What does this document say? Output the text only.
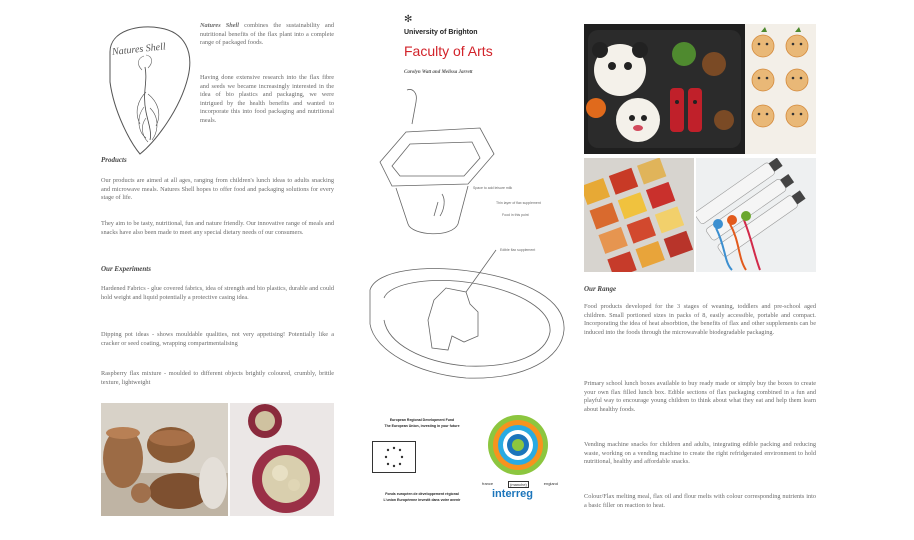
Natures Shell
Natures Shell combines the sustainability and nutritional benefits of the flax plant into a complete range of packaged foods.
Having done extensive research into the flax fibre and seeds we became increasingly interested in the idea of bio plastics and packaging, we were intrigued by the health benefits and wanted to incorporate this into food packaging and nutritional meals.
Products
Our products are aimed at all ages, ranging from children's lunch ideas to adults snacking and microwave meals. Natures Shell hopes to offer food and packaging solutions for every stage of life.
They aim to be tasty, nutritional, fun and nature friendly. Our innovative range of meals and snacks have also been made to meet any special dietary needs of our consumers.
Our Experiments
Hardened Fabrics - glue covered fabrics, idea of strength and bio plastics, durable and could hold weight and liquid potentially a protective casing idea.
Dipping pot ideas - shows mouldable qualities, not very appetising! Potentially like a cracker or seed coating, wrapping compartmentalising
Raspberry flax mixture - moulded to different objects brightly coloured, crumbly, brittle texture, lightweight
✻
University of Brighton
Faculty of Arts
Carolyn Watt and Melissa Jarrett
Space to add leisure milk
Thin layer of flax supplement
Food in this point
Edible flax supplement
European Regional Development Fund
The European Union, investing in your future
Fonds européen de développement régional
L'union Européenne investit dans votre avenir
france	(manche)	england
interreg
Our Range
Food products developed for the 3 stages of weaning, toddlers and pre-school aged children. Small portioned sizes in packs of 8, easily accessible, portable and compact. Incorporating the idea of heat absorbtion, the benefits of flax and other supplements can be induced into the foods through the microwavable biodegradable packaging.
Primary school lunch boxes available to buy ready made or simply buy the boxes to create your own flax filled lunch box. Edible sections of flax packaging combined in a fun and playful way to encourage young children to think about what they eat and help them learn about healthy foods.
Vending machine snacks for children and adults, integrating edible packing and reducing waste, working on a vending machine to create the right refridgerated environment to hold nutritional, healthy and affordable snacks.
Colour/Flax melting meal, flax oil and flour melts with colour corresponding nutrients into a basic filler on reaction to heat.
